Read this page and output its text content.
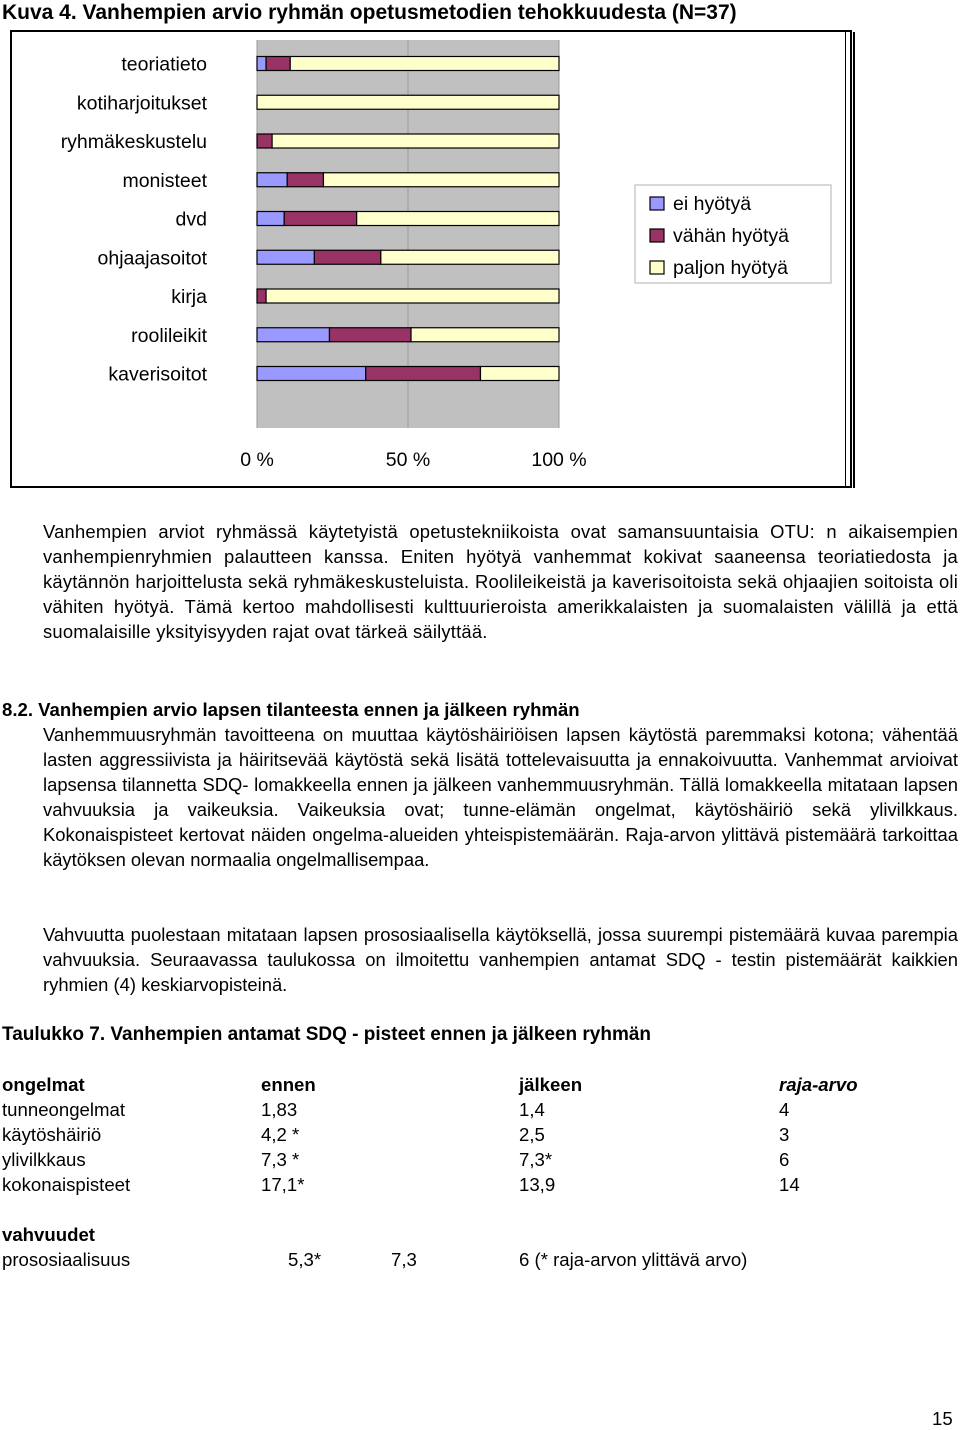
Kuva 4. Vanhempien arvio ryhmän opetusmetodien tehokkuudesta (N=37)
teoriatieto
kotiharjoitukset
ryhmäkeskustelu
monisteet
dvd
ohjaajasoitot
kirja
roolileikit
kaverisoitot
0 %	50 %	100 %
ei hyötyä
vähän hyötyä
paljon hyötyä

Vanhempien arviot ryhmässä käytetyistä opetustekniikoista ovat samansuuntaisia OTU: n aikaisempien vanhempienryhmien palautteen kanssa. Eniten hyötyä vanhemmat kokivat saaneensa teoriatiedosta ja käytännön harjoittelusta sekä ryhmäkeskusteluista. Roolileikeistä ja kaverisoitoista sekä ohjaajien soitoista oli vähiten hyötyä. Tämä kertoo mahdollisesti kulttuurieroista amerikkalaisten ja suomalaisten välillä ja että suomalaisille yksityisyyden rajat ovat tärkeä säilyttää.

8.2. Vanhempien arvio lapsen tilanteesta ennen ja jälkeen ryhmän

Vanhemmuusryhmän tavoitteena on muuttaa käytöshäiriöisen lapsen käytöstä paremmaksi kotona; vähentää lasten aggressiivista ja häiritsevää käytöstä sekä lisätä tottelevaisuutta ja ennakoivuutta. Vanhemmat arvioivat lapsensa tilannetta SDQ- lomakkeella ennen ja jälkeen vanhemmuusryhmän. Tällä lomakkeella mitataan lapsen vahvuuksia ja vaikeuksia. Vaikeuksia ovat; tunne-elämän ongelmat, käytöshäiriö sekä ylivilkkaus. Kokonaispisteet kertovat näiden ongelma-alueiden yhteispistemäärän. Raja-arvon ylittävä pistemäärä tarkoittaa käytöksen olevan normaalia ongelmallisempaa.

Vahvuutta puolestaan mitataan lapsen prososiaalisella käytöksellä, jossa suurempi pistemäärä kuvaa parempia vahvuuksia. Seuraavassa taulukossa on ilmoitettu vanhempien antamat SDQ - testin pistemäärät kaikkien ryhmien (4) keskiarvopisteinä.

Taulukko 7. Vanhempien antamat SDQ - pisteet ennen ja jälkeen ryhmän
ongelmat	ennen	jälkeen	raja-arvo
tunneongelmat	1,83	1,4	4
käytöshäiriö	4,2 *	2,5	3
ylivilkkaus	7,3 *	7,3*	6
kokonaispisteet	17,1*	13,9	14
vahvuudet
prososiaalisuus	5,3*	7,3	6 (* raja-arvon ylittävä arvo)
15
